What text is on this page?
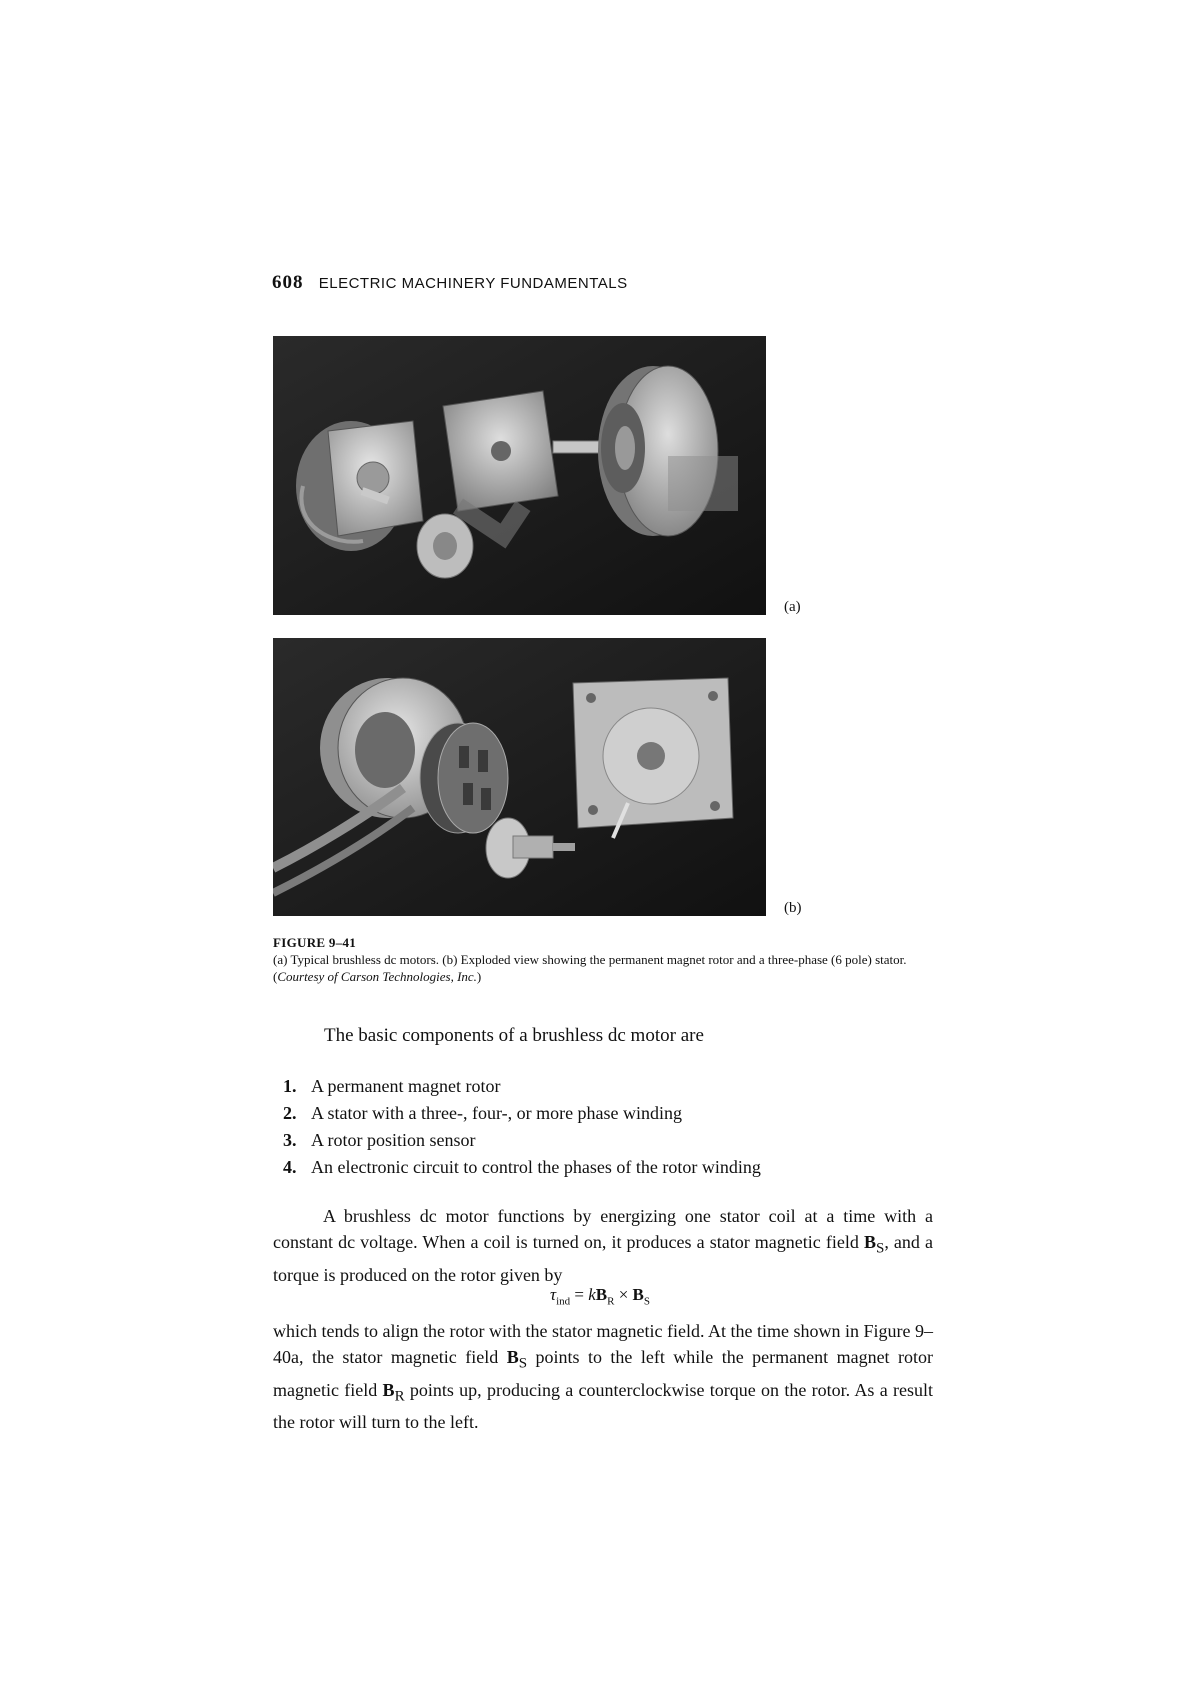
608 ELECTRIC MACHINERY FUNDAMENTALS
(a)
(b)
FIGURE 9–41
(a) Typical brushless dc motors. (b) Exploded view showing the permanent magnet rotor and a three-phase (6 pole) stator. (Courtesy of Carson Technologies, Inc.)
The basic components of a brushless dc motor are
1. A permanent magnet rotor
2. A stator with a three-, four-, or more phase winding
3. A rotor position sensor
4. An electronic circuit to control the phases of the rotor winding

A brushless dc motor functions by energizing one stator coil at a time with a constant dc voltage. When a coil is turned on, it produces a stator magnetic field $B_S$, and a torque is produced on the rotor given by

$\tau_{ind} = kB_R \times B_S$

which tends to align the rotor with the stator magnetic field. At the time shown in Figure 9–40a, the stator magnetic field $B_S$ points to the left while the permanent magnet rotor magnetic field $B_R$ points up, producing a counterclockwise torque on the rotor. As a result the rotor will turn to the left.
